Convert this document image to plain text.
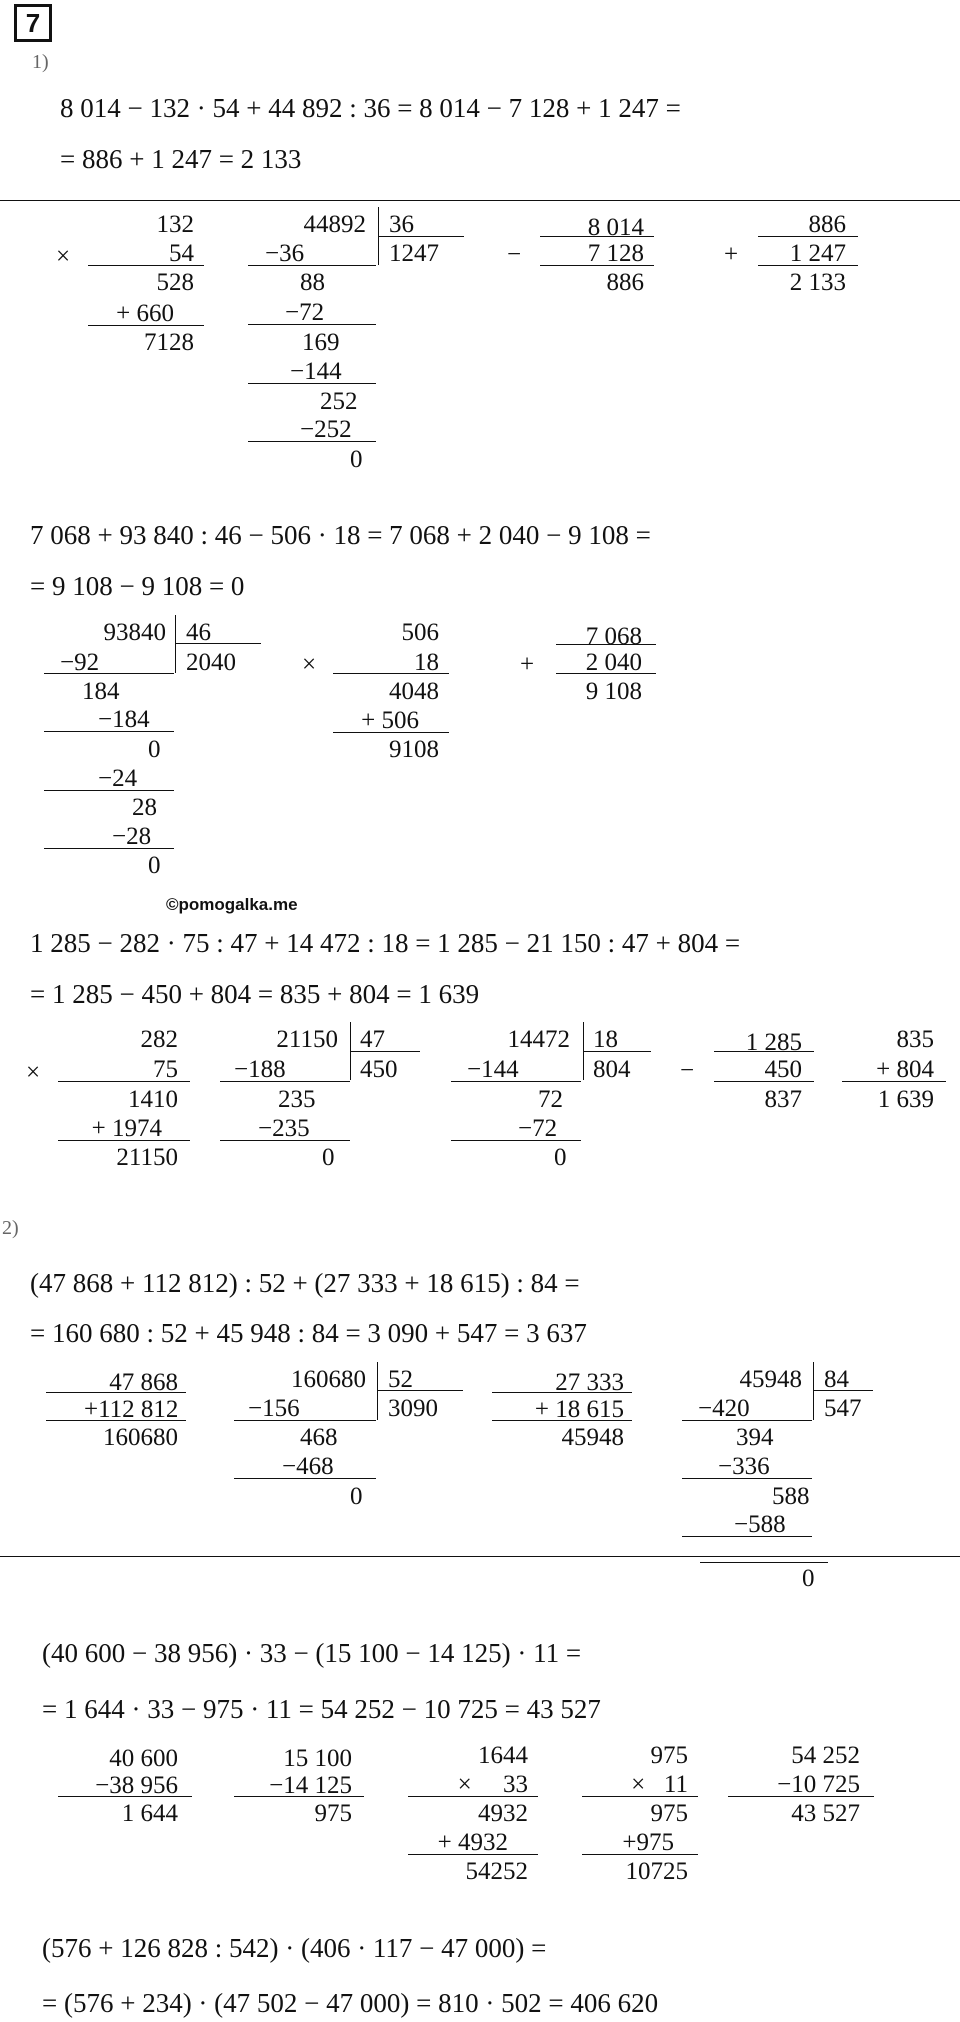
7
1)
8 014 − 132 · 54 + 44 892 : 36 = 8 014 − 7 128 + 1 247 =
= 886 + 1 247 = 2 133
×
132
54
528
+ 660
7128
44892 36
1247
−36
88
−72
169
−144
252
−252
0
−
8 014
7 128
886
+
886
1 247
2 133
7 068 + 93 840 : 46 − 506 · 18 = 7 068 + 2 040 − 9 108 =
= 9 108 − 9 108 = 0
93840 46
2040
−92
184
−184
0
−24
28
−28
0
×
506
18
4048
+ 506
9108
+
7 068
2 040
9 108
©pomogalka.me
1 285 − 282 · 75 : 47 + 14 472 : 18 = 1 285 − 21 150 : 47 + 804 =
= 1 285 − 450 + 804 = 835 + 804 = 1 639
×
282
75
1410
+ 1974
21150
21150 47
450
−188
235
−235
0
14472 18
804
−144
72
−72
0
−
1 285
450
837
835
+ 804
1 639
2)
(47 868 + 112 812) : 52 + (27 333 + 18 615) : 84 =
= 160 680 : 52 + 45 948 : 84 = 3 090 + 547 = 3 637
47 868
+112 812
160680
160680 52
3090
−156
468
−468
0
27 333
+ 18 615
45948
45948 84
547
−420
394
−336
588
−588
0
(40 600 − 38 956) · 33 − (15 100 − 14 125) · 11 =
= 1 644 · 33 − 975 · 11 = 54 252 − 10 725 = 43 527
40 600
−38 956
1 644
15 100
−14 125
975
1644
×     33
4932
+ 4932
54252
975
×   11
975
+975
10725
54 252
−10 725
43 527
(576 + 126 828 : 542) · (406 · 117 − 47 000) =
= (576 + 234) · (47 502 − 47 000) = 810 · 502 = 406 620
